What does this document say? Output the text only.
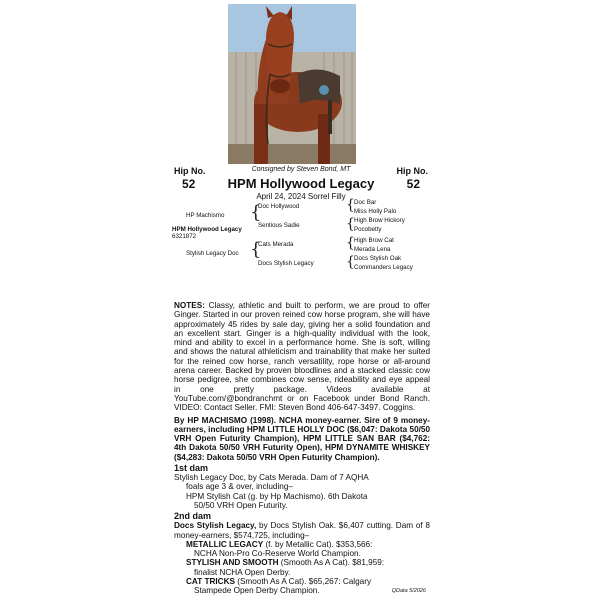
Consigned by Steven Bond, MT
Hip No.	Hip No.
52	52
HPM Hollywood Legacy
April 24, 2024 Sorrel Filly
HP Machismo
HPM Hollywood Legacy
6321872
Stylish Legacy Doc
{
{
Doc Hollywood
Sentious Sadie
Cats Merada
Docs Stylish Legacy
{
{
{
{
Doc Bar
Miss Holly Palo
High Brow Hickory
Pocobetty
High Brow Cat
Merada Lena
Docs Stylish Oak
Commanders Legacy

NOTES: Classy, athletic and built to perform, we are proud to offer Ginger. Started in our proven reined cow horse program, she will have approximately 45 rides by sale day, giving her a solid foundation and an excellent start. Ginger is a high-quality individual with the look, mind and ability to excel in a performance home. She is soft, willing and shows the natural athleticism and trainability that make her suited for the reined cow horse, ranch versatility, rope horse or all-around arena career. Backed by proven bloodlines and a stacked classic cow horse pedigree, she combines cow sense, rideability and eye appeal in one pretty package. Videos available at YouTube.com/@bondranchmt or on Facebook under Bond Ranch. VIDEO: Contact Seller. FMI: Steven Bond 406-647-3497. Coggins.

By HP MACHISMO (1998). NCHA money-earner. Sire of 9 money-earners, including HPM LITTLE HOLLY DOC ($6,047: Dakota 50/50 VRH Open Futurity Champion), HPM LITTLE SAN BAR ($4,762: 4th Dakota 50/50 VRH Futurity Open), HPM DYNAMITE WHISKEY ($4,283: Dakota 50/50 VRH Open Futurity Champion).

1st dam

Stylish Legacy Doc, by Cats Merada. Dam of 7 AQHA

foals age 3 & over, including–

HPM Stylish Cat (g. by Hp Machismo). 6th Dakota

50/50 VRH Open Futurity.

2nd dam

Docs Stylish Legacy, by Docs Stylish Oak. $6,407 cutting. Dam of 8 money-earners, $574,725, including–

METALLIC LEGACY (f. by Metallic Cat). $353,566:

NCHA Non-Pro Co-Reserve World Champion.

STYLISH AND SMOOTH (Smooth As A Cat). $81,959:

finalist NCHA Open Derby.

CAT TRICKS (Smooth As A Cat). $65,267: Calgary

Stampede Open Derby Champion.	QData 5/2026
